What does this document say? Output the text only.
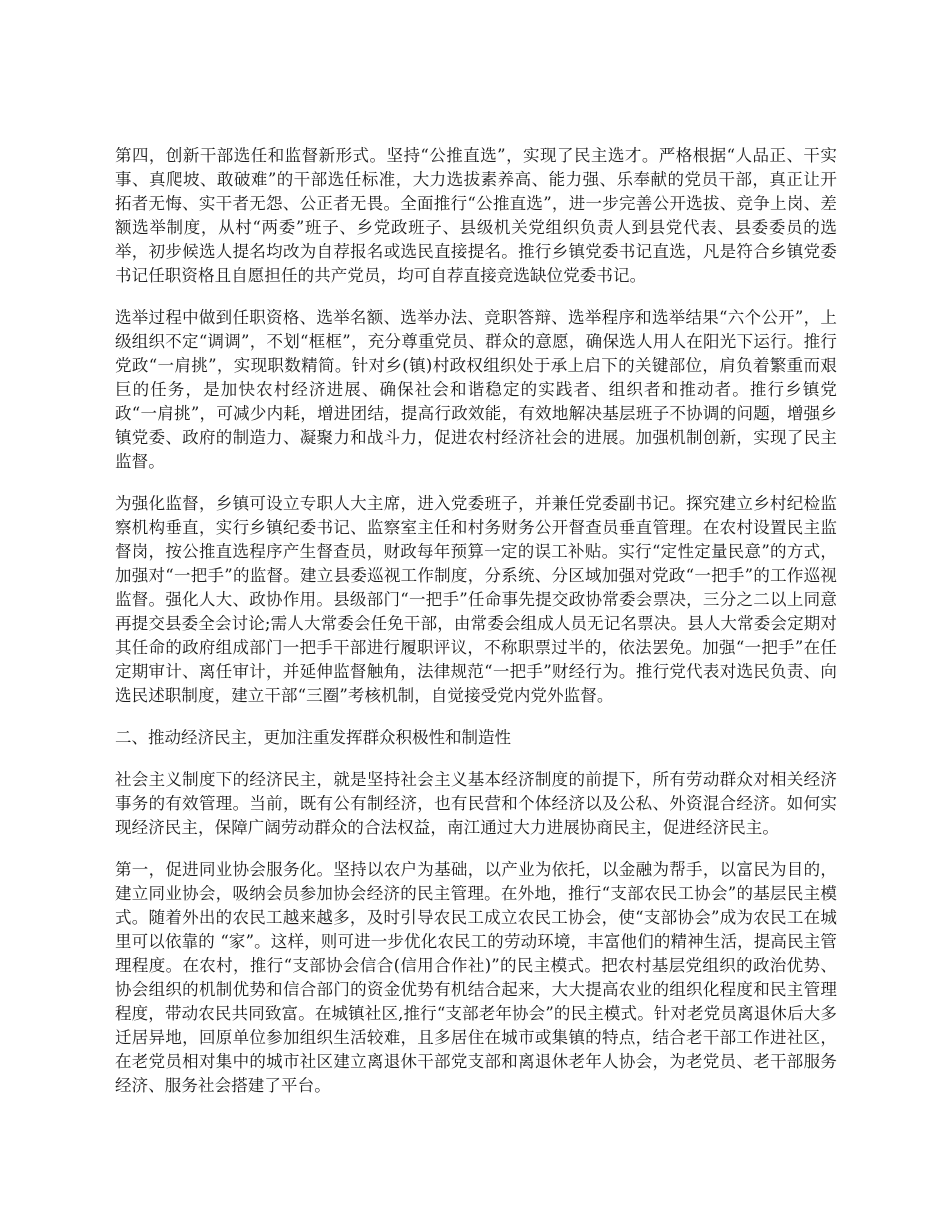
第四，创新干部选任和监督新形式。坚持“公推直选”，实现了民主选才。严格根据“人品正、干实事、真爬坡、敢破难”的干部选任标准，大力选拔素养高、能力强、乐奉献的党员干部，真正让开拓者无悔、实干者无怨、公正者无畏。全面推行“公推直选”，进一步完善公开选拔、竞争上岗、差额选举制度，从村“两委”班子、乡党政班子、县级机关党组织负责人到县党代表、县委委员的选举，初步候选人提名均改为自荐报名或选民直接提名。推行乡镇党委书记直选，凡是符合乡镇党委书记任职资格且自愿担任的共产党员，均可自荐直接竞选缺位党委书记。

选举过程中做到任职资格、选举名额、选举办法、竞职答辩、选举程序和选举结果“六个公开”，上级组织不定“调调”，不划“框框”，充分尊重党员、群众的意愿，确保选人用人在阳光下运行。推行党政“一肩挑”，实现职数精简。针对乡(镇)村政权组织处于承上启下的关键部位，肩负着繁重而艰巨的任务，是加快农村经济进展、确保社会和谐稳定的实践者、组织者和推动者。推行乡镇党政“一肩挑”，可减少内耗，增进团结，提高行政效能，有效地解决基层班子不协调的问题，增强乡镇党委、政府的制造力、凝聚力和战斗力，促进农村经济社会的进展。加强机制创新，实现了民主监督。

为强化监督，乡镇可设立专职人大主席，进入党委班子，并兼任党委副书记。探究建立乡村纪检监察机构垂直，实行乡镇纪委书记、监察室主任和村务财务公开督查员垂直管理。在农村设置民主监督岗，按公推直选程序产生督查员，财政每年预算一定的误工补贴。实行“定性定量民意”的方式，加强对“一把手”的监督。建立县委巡视工作制度，分系统、分区域加强对党政“一把手”的工作巡视监督。强化人大、政协作用。县级部门“一把手”任命事先提交政协常委会票决，三分之二以上同意再提交县委全会讨论;需人大常委会任免干部，由常委会组成人员无记名票决。县人大常委会定期对其任命的政府组成部门一把手干部进行履职评议，不称职票过半的，依法罢免。加强“一把手”在任定期审计、离任审计，并延伸监督触角，法律规范“一把手”财经行为。推行党代表对选民负责、向选民述职制度，建立干部“三圈”考核机制，自觉接受党内党外监督。

二、推动经济民主，更加注重发挥群众积极性和制造性

社会主义制度下的经济民主，就是坚持社会主义基本经济制度的前提下，所有劳动群众对相关经济事务的有效管理。当前，既有公有制经济，也有民营和个体经济以及公私、外资混合经济。如何实现经济民主，保障广阔劳动群众的合法权益，南江通过大力进展协商民主，促进经济民主。

第一，促进同业协会服务化。坚持以农户为基础，以产业为依托，以金融为帮手，以富民为目的，建立同业协会，吸纳会员参加协会经济的民主管理。在外地，推行“支部农民工协会”的基层民主模式。随着外出的农民工越来越多，及时引导农民工成立农民工协会，使“支部协会”成为农民工在城里可以依靠的 “家”。这样，则可进一步优化农民工的劳动环境，丰富他们的精神生活，提高民主管理程度。在农村，推行“支部协会信合(信用合作社)”的民主模式。把农村基层党组织的政治优势、协会组织的机制优势和信合部门的资金优势有机结合起来，大大提高农业的组织化程度和民主管理程度，带动农民共同致富。在城镇社区,推行“支部老年协会”的民主模式。针对老党员离退休后大多迁居异地，回原单位参加组织生活较难，且多居住在城市或集镇的特点，结合老干部工作进社区，在老党员相对集中的城市社区建立离退休干部党支部和离退休老年人协会，为老党员、老干部服务经济、服务社会搭建了平台。
